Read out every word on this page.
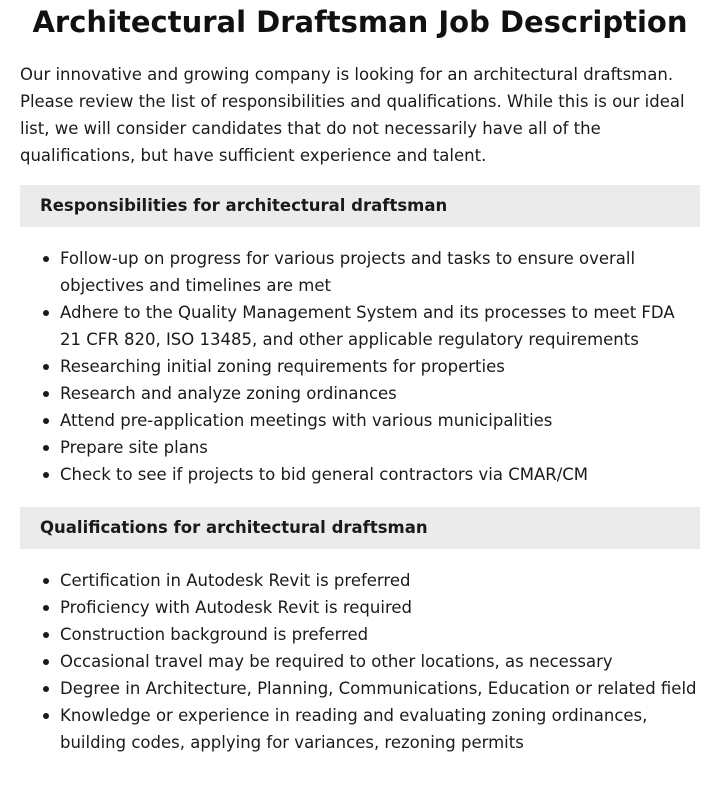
Architectural Draftsman Job Description

Our innovative and growing company is looking for an architectural draftsman. Please review the list of responsibilities and qualifications. While this is our ideal list, we will consider candidates that do not necessarily have all of the qualifications, but have sufficient experience and talent.

Responsibilities for architectural draftsman
Follow-up on progress for various projects and tasks to ensure overall objectives and timelines are met
Adhere to the Quality Management System and its processes to meet FDA 21 CFR 820, ISO 13485, and other applicable regulatory requirements
Researching initial zoning requirements for properties
Research and analyze zoning ordinances
Attend pre-application meetings with various municipalities
Prepare site plans
Check to see if projects to bid general contractors via CMAR/CM
Qualifications for architectural draftsman
Certification in Autodesk Revit is preferred
Proficiency with Autodesk Revit is required
Construction background is preferred
Occasional travel may be required to other locations, as necessary
Degree in Architecture, Planning, Communications, Education or related field
Knowledge or experience in reading and evaluating zoning ordinances, building codes, applying for variances, rezoning permits
